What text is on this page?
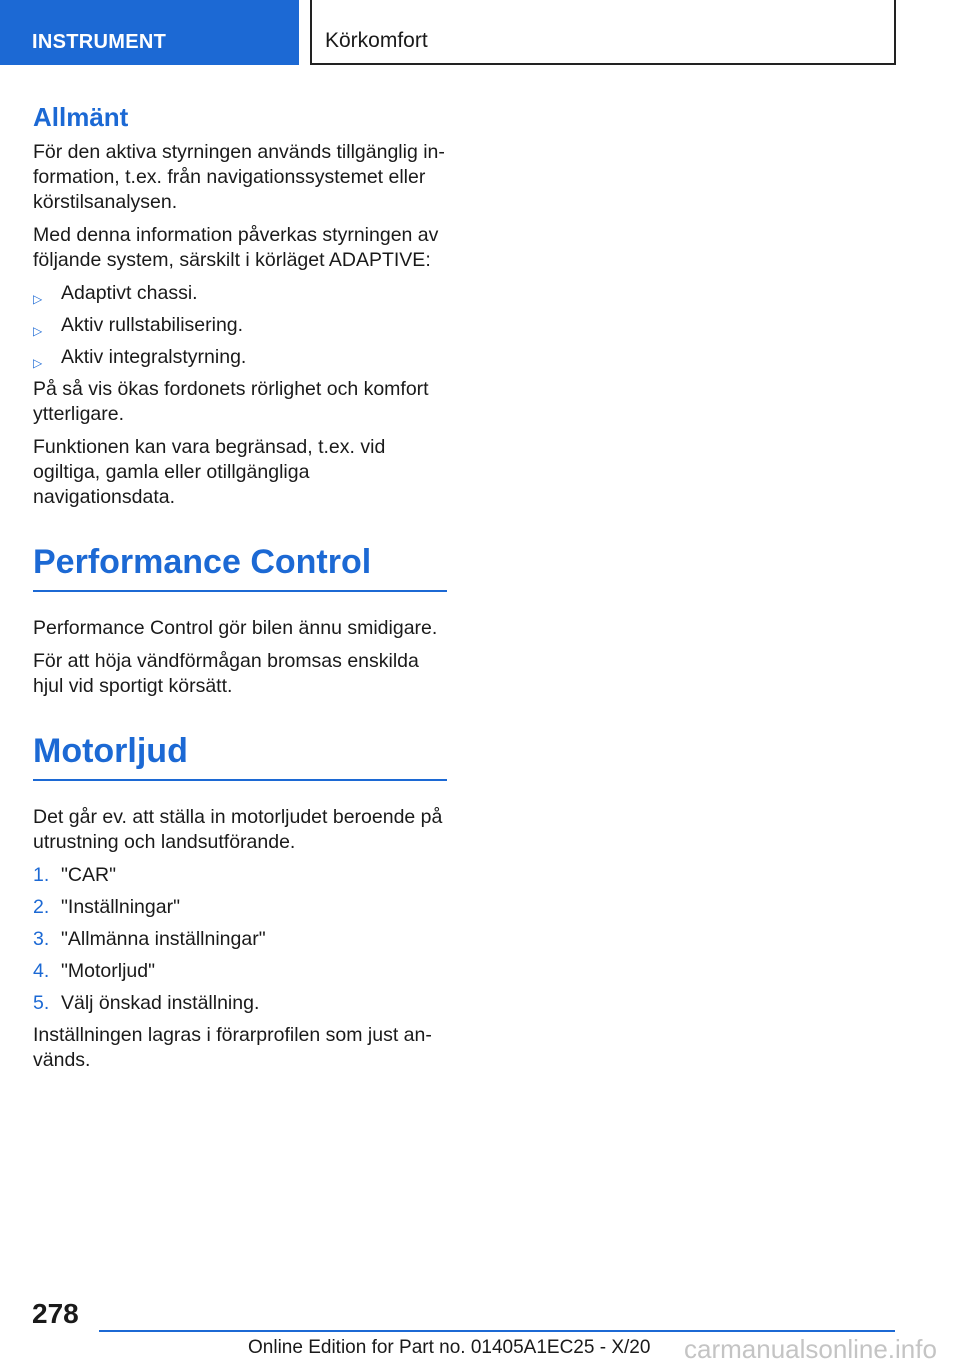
INSTRUMENT	Körkomfort
Allmänt

För den aktiva styrningen används tillgänglig information, t.ex. från navigationssystemet eller körstilsanalysen.

Med denna information påverkas styrningen av följande system, särskilt i körläget ADAPTIVE:

▷ Adaptivt chassi.
▷ Aktiv rullstabilisering.
▷ Aktiv integralstyrning.

På så vis ökas fordonets rörlighet och komfort ytterligare.

Funktionen kan vara begränsad, t.ex. vid ogiltiga, gamla eller otillgängliga navigationsdata.

Performance Control

Performance Control gör bilen ännu smidigare.

För att höja vändförmågan bromsas enskilda hjul vid sportigt körsätt.

Motorljud

Det går ev. att ställa in motorljudet beroende på utrustning och landsutförande.

1. "CAR"
2. "Inställningar"
3. "Allmänna inställningar"
4. "Motorljud"
5. Välj önskad inställning.

Inställningen lagras i förarprofilen som just används.

278
Online Edition for Part no. 01405A1EC25 - X/20 carmanualsonline.info
